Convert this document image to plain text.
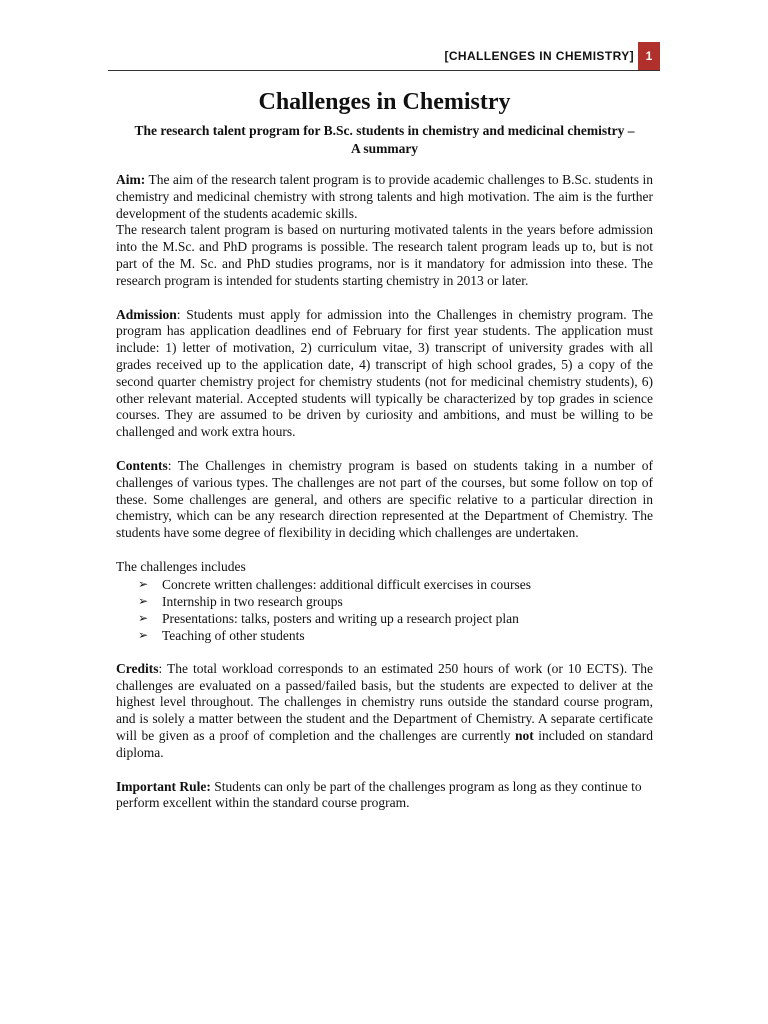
[CHALLENGES IN CHEMISTRY] 1
Challenges in Chemistry
The research talent program for B.Sc. students in chemistry and medicinal chemistry – A summary

Aim: The aim of the research talent program is to provide academic challenges to B.Sc. students in chemistry and medicinal chemistry with strong talents and high motivation. The aim is the further development of the students academic skills.

The research talent program is based on nurturing motivated talents in the years before admission into the M.Sc. and PhD programs is possible. The research talent program leads up to, but is not part of the M. Sc. and PhD studies programs, nor is it mandatory for admission into these. The research program is intended for students starting chemistry in 2013 or later.

Admission: Students must apply for admission into the Challenges in chemistry program. The program has application deadlines end of February for first year students. The application must include: 1) letter of motivation, 2) curriculum vitae, 3) transcript of university grades with all grades received up to the application date, 4) transcript of high school grades, 5) a copy of the second quarter chemistry project for chemistry students (not for medicinal chemistry students), 6) other relevant material. Accepted students will typically be characterized by top grades in science courses. They are assumed to be driven by curiosity and ambitions, and must be willing to be challenged and work extra hours.

Contents: The Challenges in chemistry program is based on students taking in a number of challenges of various types. The challenges are not part of the courses, but some follow on top of these. Some challenges are general, and others are specific relative to a particular direction in chemistry, which can be any research direction represented at the Department of Chemistry. The students have some degree of flexibility in deciding which challenges are undertaken.

The challenges includes

➢ Concrete written challenges: additional difficult exercises in courses
➢ Internship in two research groups
➢ Presentations: talks, posters and writing up a research project plan
➢ Teaching of other students

Credits: The total workload corresponds to an estimated 250 hours of work (or 10 ECTS). The challenges are evaluated on a passed/failed basis, but the students are expected to deliver at the highest level throughout. The challenges in chemistry runs outside the standard course program, and is solely a matter between the student and the Department of Chemistry. A separate certificate will be given as a proof of completion and the challenges are currently not included on standard diploma.

Important Rule: Students can only be part of the challenges program as long as they continue to perform excellent within the standard course program.
